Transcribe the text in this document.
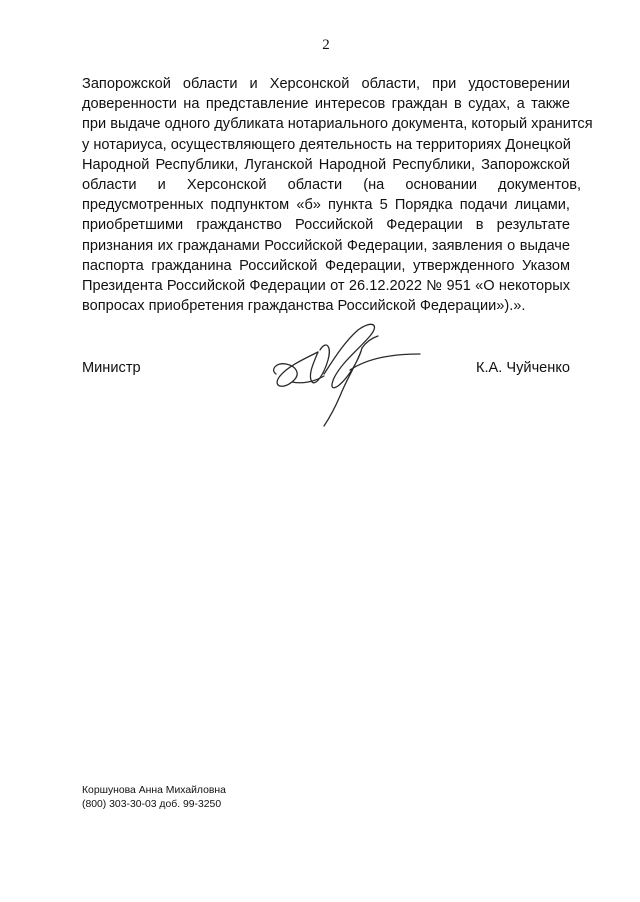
2
Запорожской области и Херсонской области, при удостоверении
доверенности на представление интересов граждан в судах, а также
при выдаче одного дубликата нотариального документа, который хранится
у нотариуса, осуществляющего деятельность на территориях Донецкой
Народной Республики, Луганской Народной Республики, Запорожской
области и Херсонской области (на основании документов,
предусмотренных подпунктом «б» пункта 5 Порядка подачи лицами,
приобретшими гражданство Российской Федерации в результате
признания их гражданами Российской Федерации, заявления о выдаче
паспорта гражданина Российской Федерации, утвержденного Указом
Президента Российской Федерации от 26.12.2022 № 951 «О некоторых
вопросах приобретения гражданства Российской Федерации»).».
Министр	К.А. Чуйченко
Коршунова Анна Михайловна
(800) 303-30-03 доб. 99-3250
